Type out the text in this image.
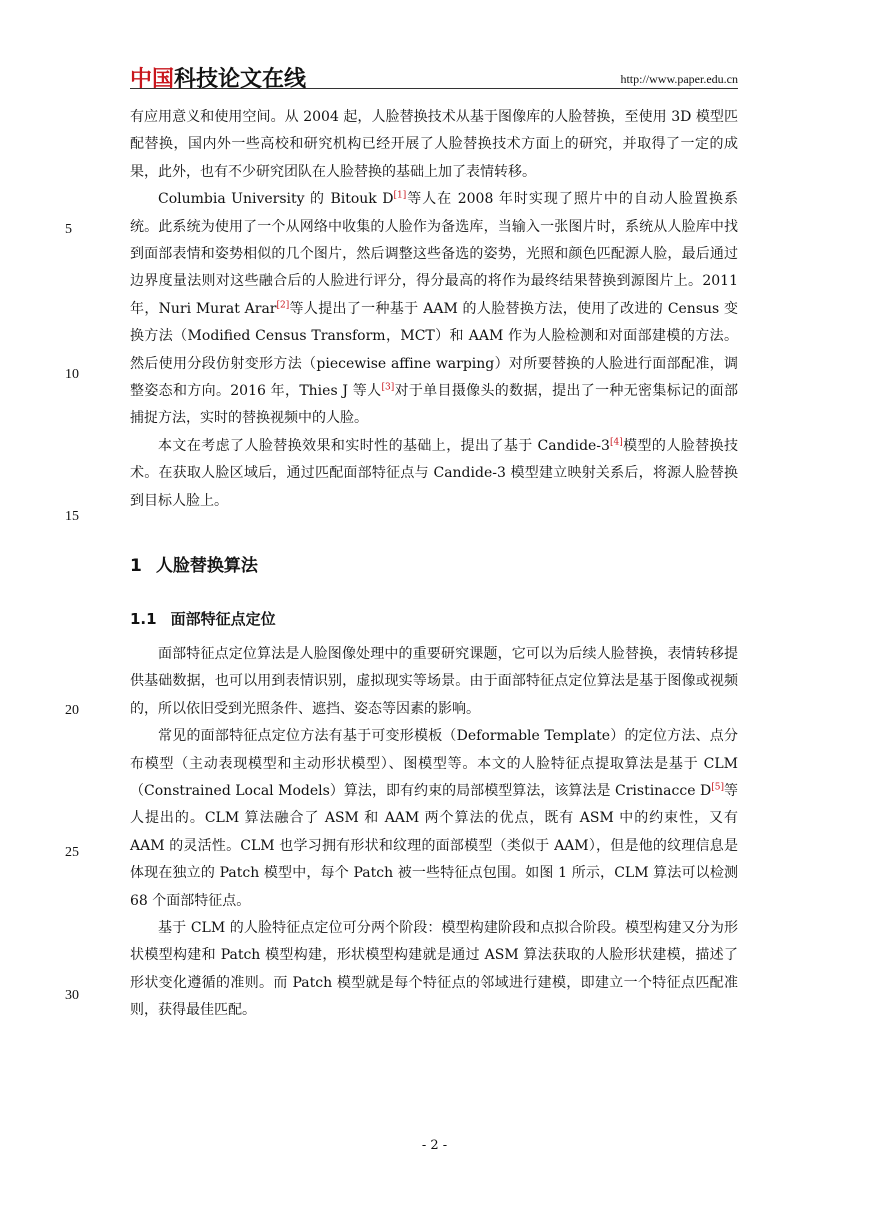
中国科技论文在线	http://www.paper.edu.cn

有应用意义和使用空间。从 2004 起，人脸替换技术从基于图像库的人脸替换，至使用 3D 模型匹配替换，国内外一些高校和研究机构已经开展了人脸替换技术方面上的研究，并取得了一定的成果，此外，也有不少研究团队在人脸替换的基础上加了表情转移。

Columbia University 的 Bitouk D[1]等人在 2008 年时实现了照片中的自动人脸置换系统。此系统为使用了一个从网络中收集的人脸作为备选库，当输入一张图片时，系统从人脸库中找到面部表情和姿势相似的几个图片，然后调整这些备选的姿势，光照和颜色匹配源人脸，最后通过边界度量法则对这些融合后的人脸进行评分，得分最高的将作为最终结果替换到源图片上。2011 年，Nuri Murat Arar[2]等人提出了一种基于 AAM 的人脸替换方法，使用了改进的 Census 变换方法（Modified Census Transform，MCT）和 AAM 作为人脸检测和对面部建模的方法。然后使用分段仿射变形方法（piecewise affine warping）对所要替换的人脸进行面部配准，调整姿态和方向。2016 年，Thies J 等人[3]对于单目摄像头的数据，提出了一种无密集标记的面部捕捉方法，实时的替换视频中的人脸。

本文在考虑了人脸替换效果和实时性的基础上，提出了基于 Candide-3[4]模型的人脸替换技术。在获取人脸区域后，通过匹配面部特征点与 Candide-3 模型建立映射关系后，将源人脸替换到目标人脸上。

1 人脸替换算法
1.1 面部特征点定位

面部特征点定位算法是人脸图像处理中的重要研究课题，它可以为后续人脸替换，表情转移提供基础数据，也可以用到表情识别，虚拟现实等场景。由于面部特征点定位算法是基于图像或视频的，所以依旧受到光照条件、遮挡、姿态等因素的影响。

常见的面部特征点定位方法有基于可变形模板（Deformable Template）的定位方法、点分布模型（主动表现模型和主动形状模型）、图模型等。本文的人脸特征点提取算法是基于 CLM（Constrained Local Models）算法，即有约束的局部模型算法，该算法是 Cristinacce D[5]等人提出的。CLM 算法融合了 ASM 和 AAM 两个算法的优点，既有 ASM 中的约束性，又有 AAM 的灵活性。CLM 也学习拥有形状和纹理的面部模型（类似于 AAM），但是他的纹理信息是体现在独立的 Patch 模型中，每个 Patch 被一些特征点包围。如图 1 所示，CLM 算法可以检测 68 个面部特征点。

基于 CLM 的人脸特征点定位可分两个阶段：模型构建阶段和点拟合阶段。模型构建又分为形状模型构建和 Patch 模型构建，形状模型构建就是通过 ASM 算法获取的人脸形状建模，描述了形状变化遵循的准则。而 Patch 模型就是每个特征点的邻域进行建模，即建立一个特征点匹配准则，获得最佳匹配。

5
10
15
20
25
30
- 2 -
